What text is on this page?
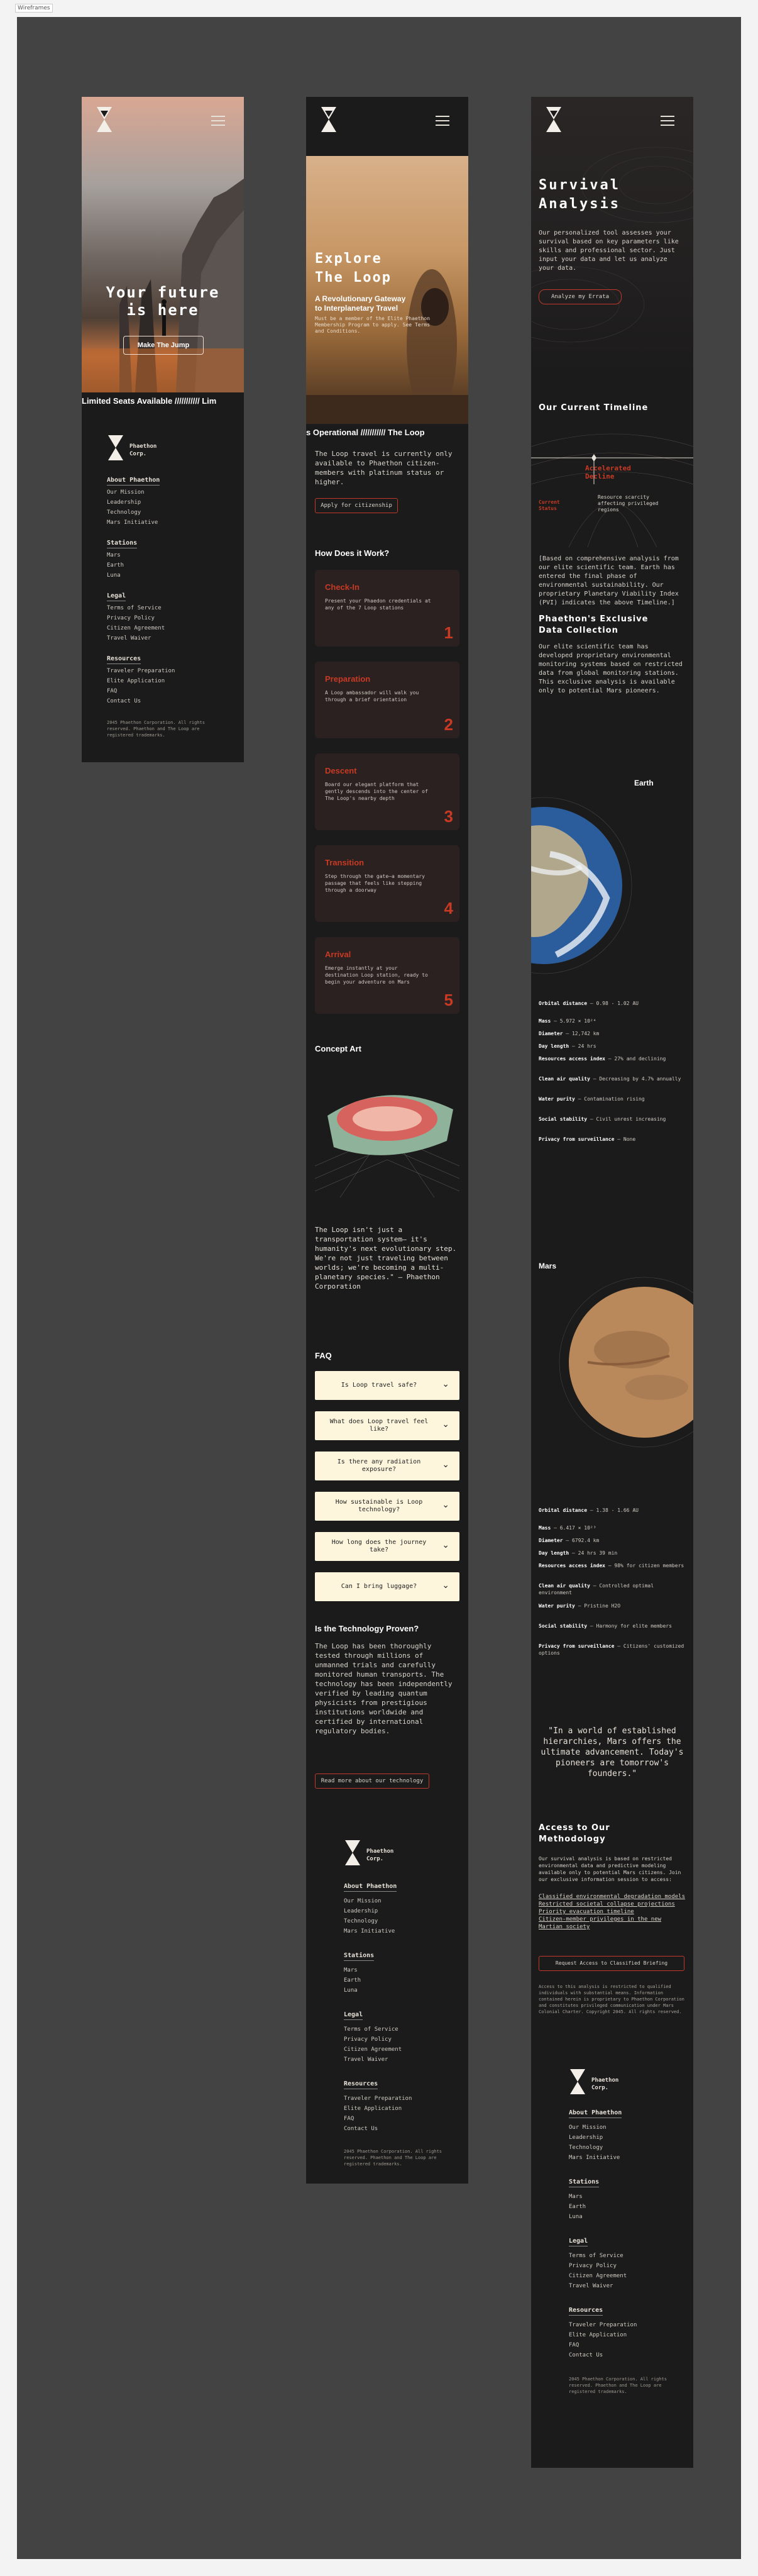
Wireframes
Your future
is here
Make The Jump
Limited Seats Available /////////// Lim
Phaethon
Corp.
About Phaethon
Our Mission
Leadership
Technology
Mars Initiative
Stations
Mars
Earth
Luna
Legal
Terms of Service
Privacy Policy
Citizen Agreement
Travel Waiver
Resources
Traveler Preparation
Elite Application
FAQ
Contact Us
2045 Phaethon Corporation. All rights reserved. Phaethon and The Loop are registered trademarks.
Explore
The Loop
A Revolutionary Gateway
to Interplanetary Travel
Must be a member of the Elite Phaethon Membership Program to apply. See Terms and Conditions.
s Operational /////////// The Loop
The Loop travel is currently only available to Phaethon citizen-members with platinum status or higher.
Apply for citizenship
How Does it Work?
Check-In
Present your Phaedon credentials at any of the 7 Loop stations
1
Preparation
A Loop ambassador will walk you through a brief orientation
2
Descent
Board our elegant platform that gently descends into the center of The Loop's nearby depth
3
Transition
Step through the gate—a momentary passage that feels like stepping through a doorway
4
Arrival
Emerge instantly at your destination Loop station, ready to begin your adventure on Mars
5
Concept Art
The Loop isn't just a transportation system— it's humanity's next evolutionary step. We're not just traveling between worlds; we're becoming a multi-planetary species." – Phaethon Corporation
FAQ
Is Loop travel safe?	⌄
What does Loop travel feel like?	⌄
Is there any radiation exposure?	⌄
How sustainable is Loop technology?	⌄
How long does the journey take?	⌄
Can I bring luggage?	⌄
Is the Technology Proven?
The Loop has been thoroughly tested through millions of unmanned trials and carefully monitored human transports. The technology has been independently verified by leading quantum physicists from prestigious institutions worldwide and certified by international regulatory bodies.
Read more about our technology
Phaethon
Corp.
About Phaethon
Our Mission
Leadership
Technology
Mars Initiative
Stations
Mars
Earth
Luna
Legal
Terms of Service
Privacy Policy
Citizen Agreement
Travel Waiver
Resources
Traveler Preparation
Elite Application
FAQ
Contact Us
2045 Phaethon Corporation. All rights reserved. Phaethon and The Loop are registered trademarks.
Survival
Analysis
Our personalized tool assesses your survival based on key parameters like skills and professional sector. Just input your data and let us analyze your data.
Analyze my Errata
Our Current Timeline
Current Status
Accelerated Decline
Resource scarcity affecting privileged regions
[Based on comprehensive analysis from our elite scientific team. Earth has entered the final phase of environmental sustainability. Our proprietary Planetary Viability Index (PVI) indicates the above Timeline.]
Phaethon's Exclusive
Data Collection
Our elite scientific team has developed proprietary environmental monitoring systems based on restricted data from global monitoring stations. This exclusive analysis is available only to potential Mars pioneers.
Earth
Orbital distance – 0.98 - 1.02 AU
Mass – 5.972 × 10²⁴
Diameter – 12,742 km
Day length – 24 hrs
Resources access index – 27% and declining
Clean air quality – Decreasing by 4.7% annually
Water purity – Contamination rising
Social stability – Civil unrest increasing
Privacy from surveillance – None
Mars
Orbital distance – 1.38 - 1.66 AU
Mass – 6.417 × 10²³
Diameter – 6792.4 km
Day length – 24 hrs 39 min
Resources access index – 98% for citizen members
Clean air quality – Controlled optimal environment
Water purity – Pristine H2O
Social stability – Harmony for elite members
Privacy from surveillance – Citizens' customized options
"In a world of established hierarchies, Mars offers the ultimate advancement. Today's pioneers are tomorrow's founders."
Access to Our
Methodology
Our survival analysis is based on restricted environmental data and predictive modeling available only to potential Mars citizens. Join our exclusive information session to access:
Classified environmental degradation models
Restricted societal collapse projections
Priority evacuation timeline
Citizen-member privileges in the new Martian society
Request Access to Classified Briefing
Access to this analysis is restricted to qualified individuals with substantial means. Information contained herein is proprietary to Phaethon Corporation and constitutes privileged communication under Mars Colonial Charter. Copyright 2045. All rights reserved.
Phaethon
Corp.
About Phaethon
Our Mission
Leadership
Technology
Mars Initiative
Stations
Mars
Earth
Luna
Legal
Terms of Service
Privacy Policy
Citizen Agreement
Travel Waiver
Resources
Traveler Preparation
Elite Application
FAQ
Contact Us
2045 Phaethon Corporation. All rights reserved. Phaethon and The Loop are registered trademarks.
